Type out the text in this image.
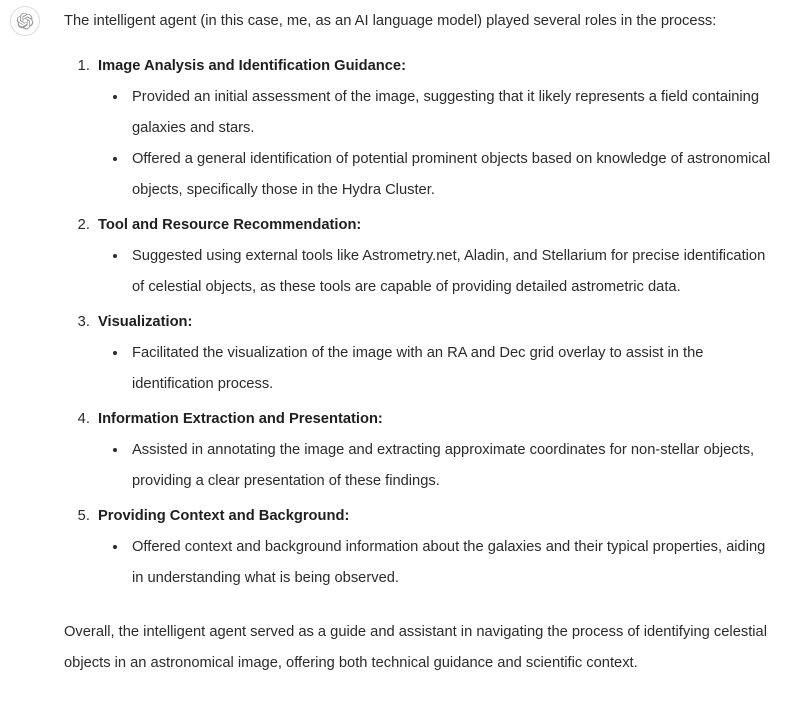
The intelligent agent (in this case, me, as an AI language model) played several roles in the process:

1. Image Analysis and Identification Guidance:
• Provided an initial assessment of the image, suggesting that it likely represents a field containing galaxies and stars.
• Offered a general identification of potential prominent objects based on knowledge of astronomical objects, specifically those in the Hydra Cluster.
2. Tool and Resource Recommendation:
• Suggested using external tools like Astrometry.net, Aladin, and Stellarium for precise identification of celestial objects, as these tools are capable of providing detailed astrometric data.
3. Visualization:
• Facilitated the visualization of the image with an RA and Dec grid overlay to assist in the identification process.
4. Information Extraction and Presentation:
• Assisted in annotating the image and extracting approximate coordinates for non-stellar objects, providing a clear presentation of these findings.
5. Providing Context and Background:
• Offered context and background information about the galaxies and their typical properties, aiding in understanding what is being observed.

Overall, the intelligent agent served as a guide and assistant in navigating the process of identifying celestial objects in an astronomical image, offering both technical guidance and scientific context.
